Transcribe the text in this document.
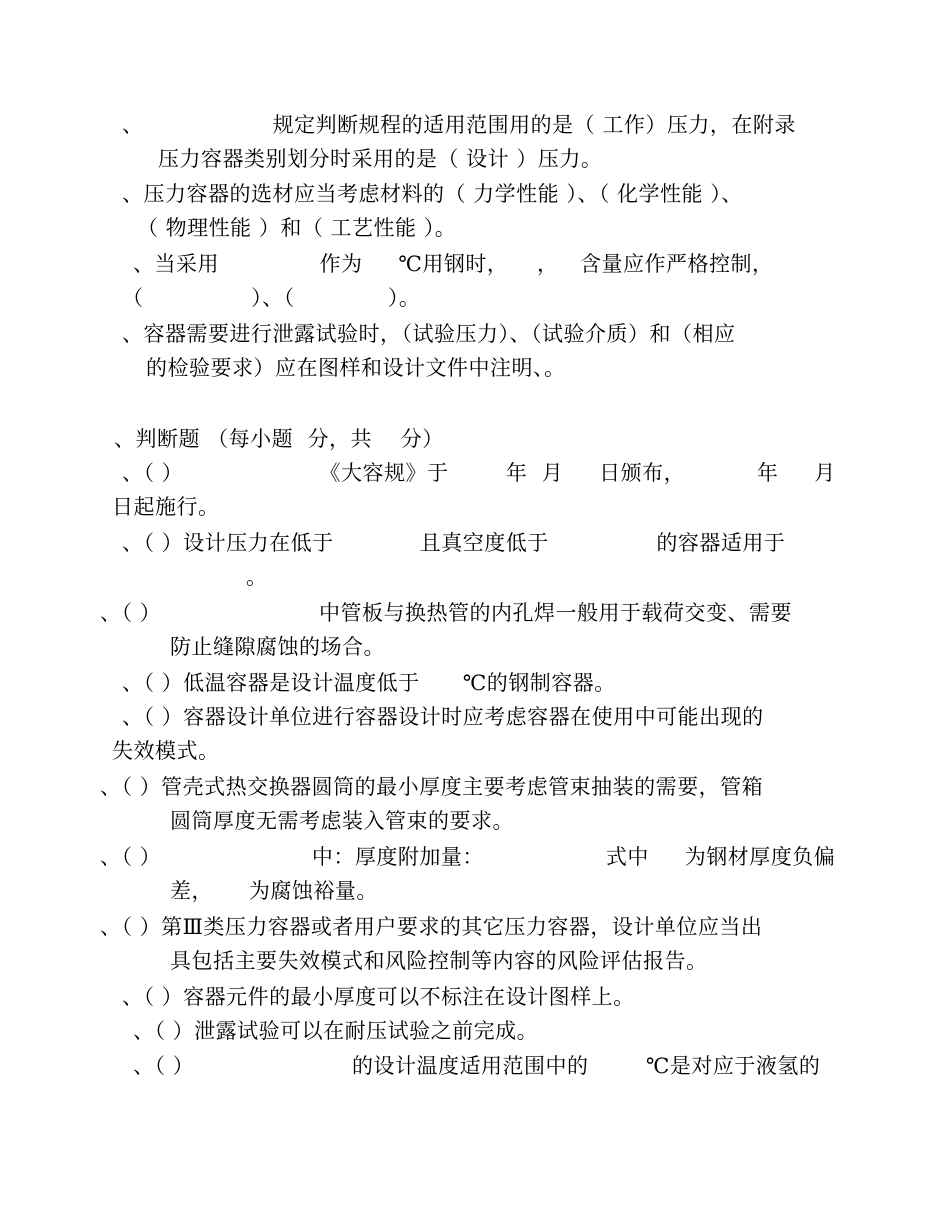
、                  规定判断规程的适用范围用的是（ 工作）压力，在附录
压力容器类别划分时采用的是（ 设计 ）压力。
、压力容器的选材应当考虑材料的（ 力学性能 ）、（ 化学性能 ）、
（ 物理性能 ）和（ 工艺性能 ）。
、当采用              作为     ℃用钢时，    ，   含量应作严格控制，
（               ）、（             ）。
、容器需要进行泄露试验时，（试验压力）、（试验介质）和（相应
的检验要求）应在图样和设计文件中注明、。
、判断题 （每小题  分，共    分）
、（ ）                   《大容规》于        年  月     日颁布，          年     月
日起施行。
、（ ）设计压力在低于            且真空度低于               的容器适用于
。
、（ ）                      中管板与换热管的内孔焊一般用于载荷交变、需要
防止缝隙腐蚀的场合。
、（ ）低温容器是设计温度低于      ℃的钢制容器。
、（ ）容器设计单位进行容器设计时应考虑容器在使用中可能出现的
失效模式。
、（ ）管壳式热交换器圆筒的最小厚度主要考虑管束抽装的需要，管箱
圆筒厚度无需考虑装入管束的要求。
、（ ）                     中：厚度附加量：                 式中     为钢材厚度负偏
差，     为腐蚀裕量。
、（ ）第Ⅲ类压力容器或者用户要求的其它压力容器，设计单位应当出
具包括主要失效模式和风险控制等内容的风险评估报告。
、（ ）容器元件的最小厚度可以不标注在设计图样上。
、（ ）泄露试验可以在耐压试验之前完成。
、（ ）                      的设计温度适用范围中的        ℃是对应于液氢的
